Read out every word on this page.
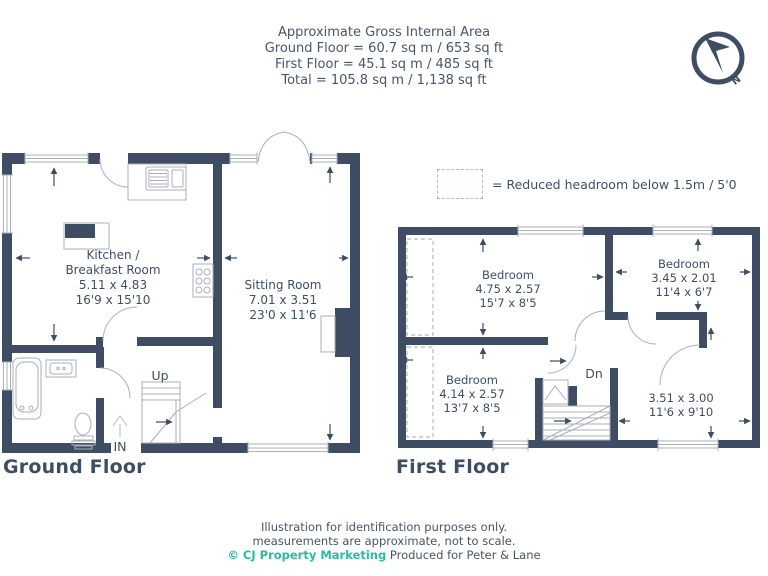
Approximate Gross Internal Area
Ground Floor = 60.7 sq m / 653 sq ft
First Floor = 45.1 sq m / 485 sq ft
Total = 105.8 sq m / 1,138 sq ft	N
= Reduced headroom below 1.5m / 5'0
Kitchen /
Breakfast Room
5.11 x 4.83
16'9 x 15'10
Sitting Room
7.01 x 3.51
23'0 x 11'6
Up
IN
Bedroom
4.75 x 2.57
15'7 x 8'5
Bedroom
3.45 x 2.01
11'4 x 6'7
Bedroom
4.14 x 2.57
13'7 x 8'5
3.51 x 3.00
11'6 x 9'10
Dn
Ground Floor	First Floor
Illustration for identification purposes only.
measurements are approximate, not to scale.
© CJ Property Marketing Produced for Peter & Lane
